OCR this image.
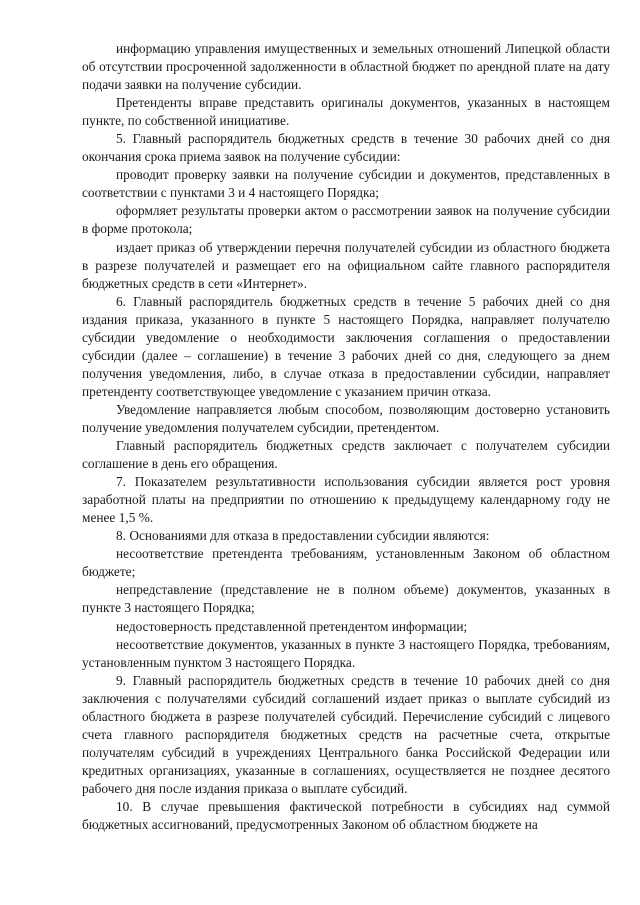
информацию управления имущественных и земельных отношений Липецкой области об отсутствии просроченной задолженности в областной бюджет по арендной плате на дату подачи заявки на получение субсидии.

Претенденты вправе представить оригиналы документов, указанных в настоящем пункте, по собственной инициативе.

5. Главный распорядитель бюджетных средств в течение 30 рабочих дней со дня окончания срока приема заявок на получение субсидии:

проводит проверку заявки на получение субсидии и документов, представленных в соответствии с пунктами 3 и 4 настоящего Порядка;

оформляет результаты проверки актом о рассмотрении заявок на получение субсидии в форме протокола;

издает приказ об утверждении перечня получателей субсидии из областного бюджета в разрезе получателей и размещает его на официальном сайте главного распорядителя бюджетных средств в сети «Интернет».

6. Главный распорядитель бюджетных средств в течение 5 рабочих дней со дня издания приказа, указанного в пункте 5 настоящего Порядка, направляет получателю субсидии уведомление о необходимости заключения соглашения о предоставлении субсидии (далее – соглашение) в течение 3 рабочих дней со дня, следующего за днем получения уведомления, либо, в случае отказа в предоставлении субсидии, направляет претенденту соответствующее уведомление с указанием причин отказа.

Уведомление направляется любым способом, позволяющим достоверно установить получение уведомления получателем субсидии, претендентом.

Главный распорядитель бюджетных средств заключает с получателем субсидии соглашение в день его обращения.

7. Показателем результативности использования субсидии является рост уровня заработной платы на предприятии по отношению к предыдущему календарному году не менее 1,5 %.

8. Основаниями для отказа в предоставлении субсидии являются:

несоответствие претендента требованиям, установленным Законом об областном бюджете;

непредставление (представление не в полном объеме) документов, указанных в пункте 3 настоящего Порядка;

недостоверность представленной претендентом информации;

несоответствие документов, указанных в пункте 3 настоящего Порядка, требованиям, установленным пунктом 3 настоящего Порядка.

9. Главный распорядитель бюджетных средств в течение 10 рабочих дней со дня заключения с получателями субсидий соглашений издает приказ о выплате субсидий из областного бюджета в разрезе получателей субсидий. Перечисление субсидий с лицевого счета главного распорядителя бюджетных средств на расчетные счета, открытые получателям субсидий в учреждениях Центрального банка Российской Федерации или кредитных организациях, указанные в соглашениях, осуществляется не позднее десятого рабочего дня после издания приказа о выплате субсидий.

10. В случае превышения фактической потребности в субсидиях над суммой бюджетных ассигнований, предусмотренных Законом об областном бюджете на
